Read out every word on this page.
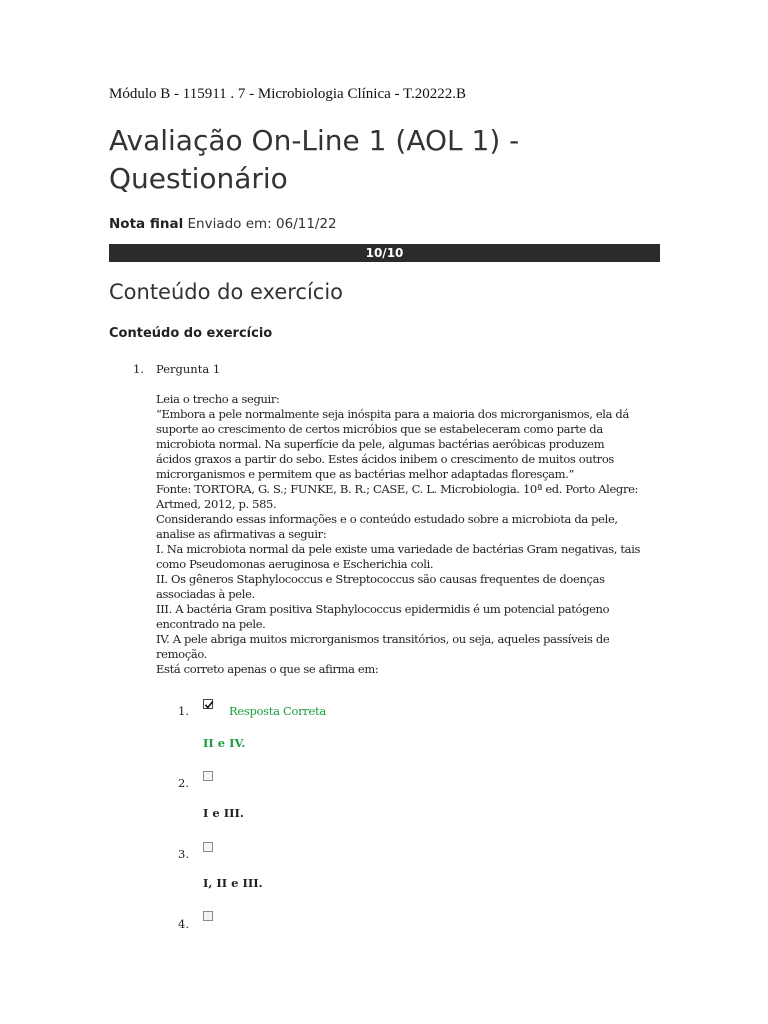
Módulo B - 115911 . 7 - Microbiologia Clínica - T.20222.B
Avaliação On-Line 1 (AOL 1) - Questionário
Nota final Enviado em: 06/11/22
10/10
Conteúdo do exercício
Conteúdo do exercício
1. Pergunta 1
Leia o trecho a seguir:
“Embora a pele normalmente seja inóspita para a maioria dos microrganismos, ela dá
suporte ao crescimento de certos micróbios que se estabeleceram como parte da
microbiota normal. Na superfície da pele, algumas bactérias aeróbicas produzem
ácidos graxos a partir do sebo. Estes ácidos inibem o crescimento de muitos outros
microrganismos e permitem que as bactérias melhor adaptadas floresçam.”
Fonte: TORTORA, G. S.; FUNKE, B. R.; CASE, C. L. Microbiologia. 10ª ed. Porto Alegre:
Artmed, 2012, p. 585.
Considerando essas informações e o conteúdo estudado sobre a microbiota da pele,
analise as afirmativas a seguir:
I. Na microbiota normal da pele existe uma variedade de bactérias Gram negativas, tais
como Pseudomonas aeruginosa e Escherichia coli.
II. Os gêneros Staphylococcus e Streptococcus são causas frequentes de doenças
associadas à pele.
III. A bactéria Gram positiva Staphylococcus epidermidis é um potencial patógeno
encontrado na pele.
IV. A pele abriga muitos microrganismos transitórios, ou seja, aqueles passíveis de
remoção.
Está correto apenas o que se afirma em:
1.	Resposta Correta
II e IV.
2.
I e III.
3.
I, II e III.
4.
